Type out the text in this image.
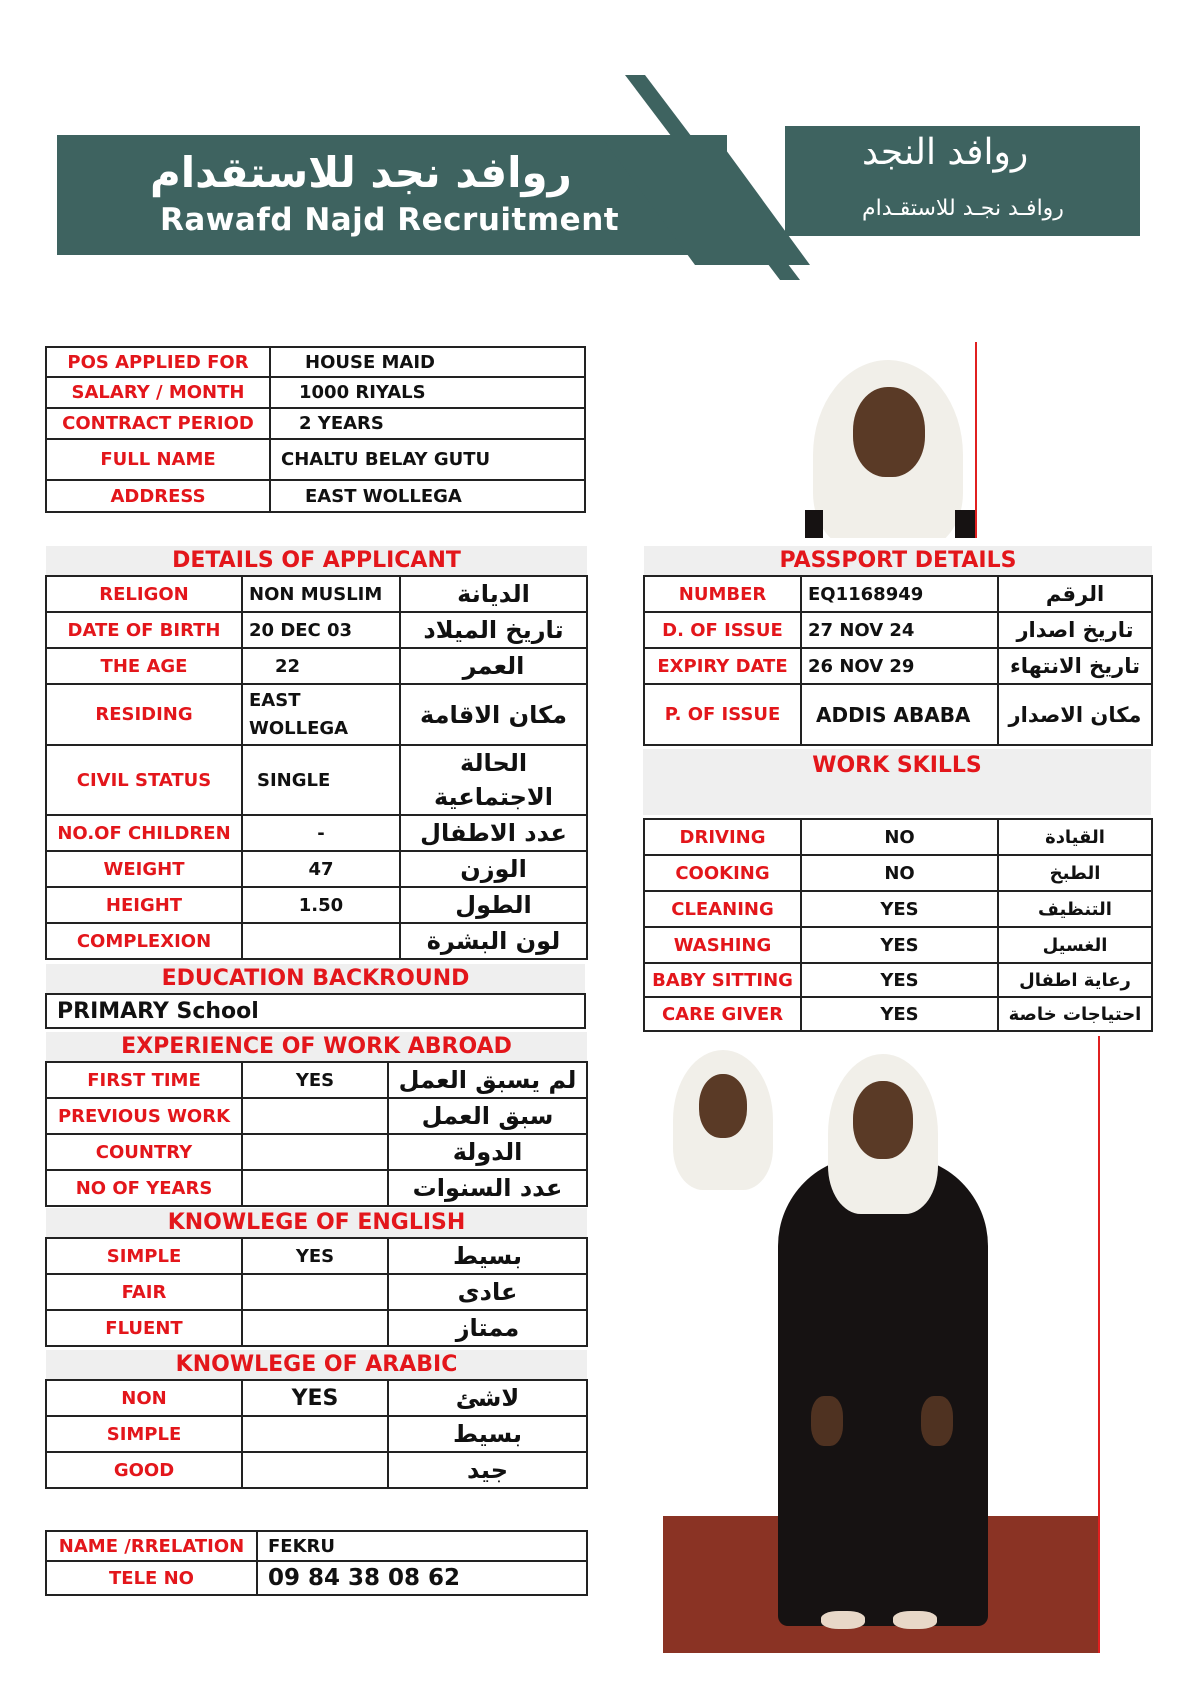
روافد نجد للاستقدام
Rawafd Najd Recruitment
روافد النجد
روافـد نجـد للاستقـدام
POS APPLIED FOR	HOUSE MAID
SALARY / MONTH	1000 RIYALS
CONTRACT PERIOD	2 YEARS
FULL NAME	CHALTU BELAY GUTU
ADDRESS	EAST WOLLEGA
DETAILS OF APPLICANT		
RELIGON	NON MUSLIM	الديانة
DATE OF BIRTH	20 DEC 03	تاريخ الميلاد
THE AGE	22	العمر
RESIDING	EAST WOLLEGA	مكان الاقامة
CIVIL STATUS	SINGLE	الحالة الاجتماعية
NO.OF CHILDREN	-	عدد الاطفال
WEIGHT	47	الوزن
HEIGHT	1.50	الطول
COMPLEXION		لون البشرة
EDUCATION BACKROUND
PRIMARY School
EXPERIENCE OF WORK ABROAD		
FIRST TIME	YES	لم يسبق العمل
PREVIOUS WORK		سبق العمل
COUNTRY		الدولة
NO OF YEARS		عدد السنوات
KNOWLEGE OF ENGLISH		
SIMPLE	YES	بسيط
FAIR		عادى
FLUENT		ممتاز
KNOWLEGE OF ARABIC		
NON	YES	لاشئ
SIMPLE		بسيط
GOOD		جيد
NAME /RRELATION	FEKRU
TELE NO	09 84 38 08 62
PASSPORT DETAILS		
NUMBER	EQ1168949	الرقم
D. OF ISSUE	27 NOV 24	تاريخ اصدار
EXPIRY DATE	26 NOV 29	تاريخ الانتهاء
P. OF ISSUE	ADDIS ABABA	مكان الاصدار
WORK SKILLS
DRIVING	NO	القيادة
COOKING	NO	الطبخ
CLEANING	YES	التنظيف
WASHING	YES	الغسيل
BABY SITTING	YES	رعاية اطفال
CARE GIVER	YES	احتياجات خاصة
